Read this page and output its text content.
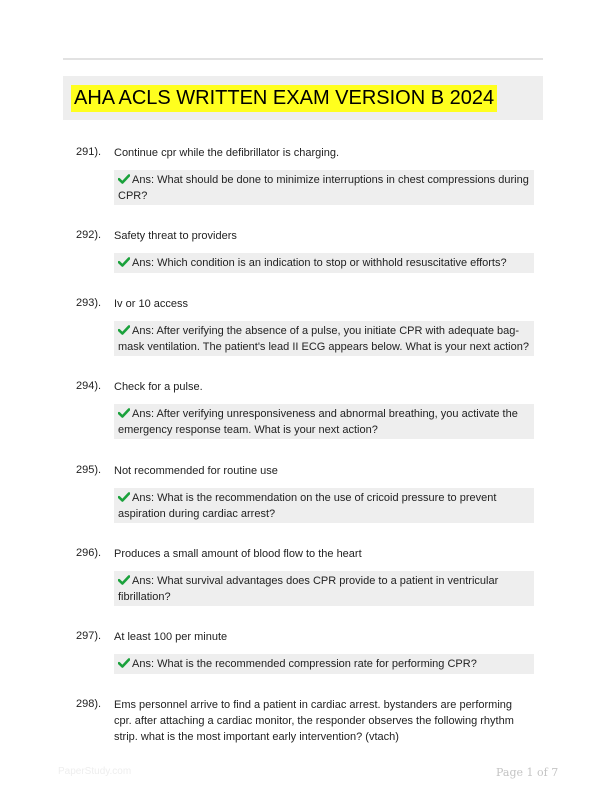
AHA ACLS WRITTEN EXAM VERSION B 2024
291). Continue cpr while the defibrillator is charging.
Ans: What should be done to minimize interruptions in chest compressions during CPR?
292). Safety threat to providers
Ans: Which condition is an indication to stop or withhold resuscitative efforts?
293). Iv or 10 access
Ans: After verifying the absence of a pulse, you initiate CPR with adequate bag-mask ventilation. The patient's lead II ECG appears below. What is your next action?
294). Check for a pulse.
Ans: After verifying unresponsiveness and abnormal breathing, you activate the emergency response team. What is your next action?
295). Not recommended for routine use
Ans: What is the recommendation on the use of cricoid pressure to prevent aspiration during cardiac arrest?
296). Produces a small amount of blood flow to the heart
Ans: What survival advantages does CPR provide to a patient in ventricular fibrillation?
297). At least 100 per minute
Ans: What is the recommended compression rate for performing CPR?
298). Ems personnel arrive to find a patient in cardiac arrest. bystanders are performing cpr. after attaching a cardiac monitor, the responder observes the following rhythm strip. what is the most important early intervention? (vtach)
PaperStudy.com	Page 1 of 7
